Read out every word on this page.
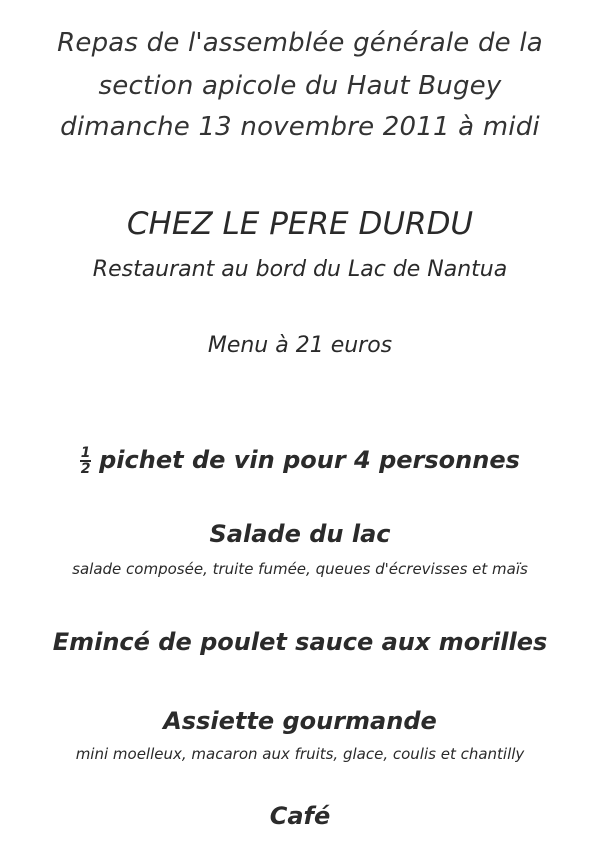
Repas de l'assemblée générale de la
section apicole du Haut Bugey
dimanche 13 novembre 2011 à midi
CHEZ LE PERE DURDU
Restaurant au bord du Lac de Nantua
Menu à 21 euros
$\frac{1}{2}$ pichet de vin pour 4 personnes
Salade du lac
salade composée, truite fumée, queues d'écrevisses et maïs
Emincé de poulet sauce aux morilles
Assiette gourmande
mini moelleux, macaron aux fruits, glace, coulis et chantilly
Café
